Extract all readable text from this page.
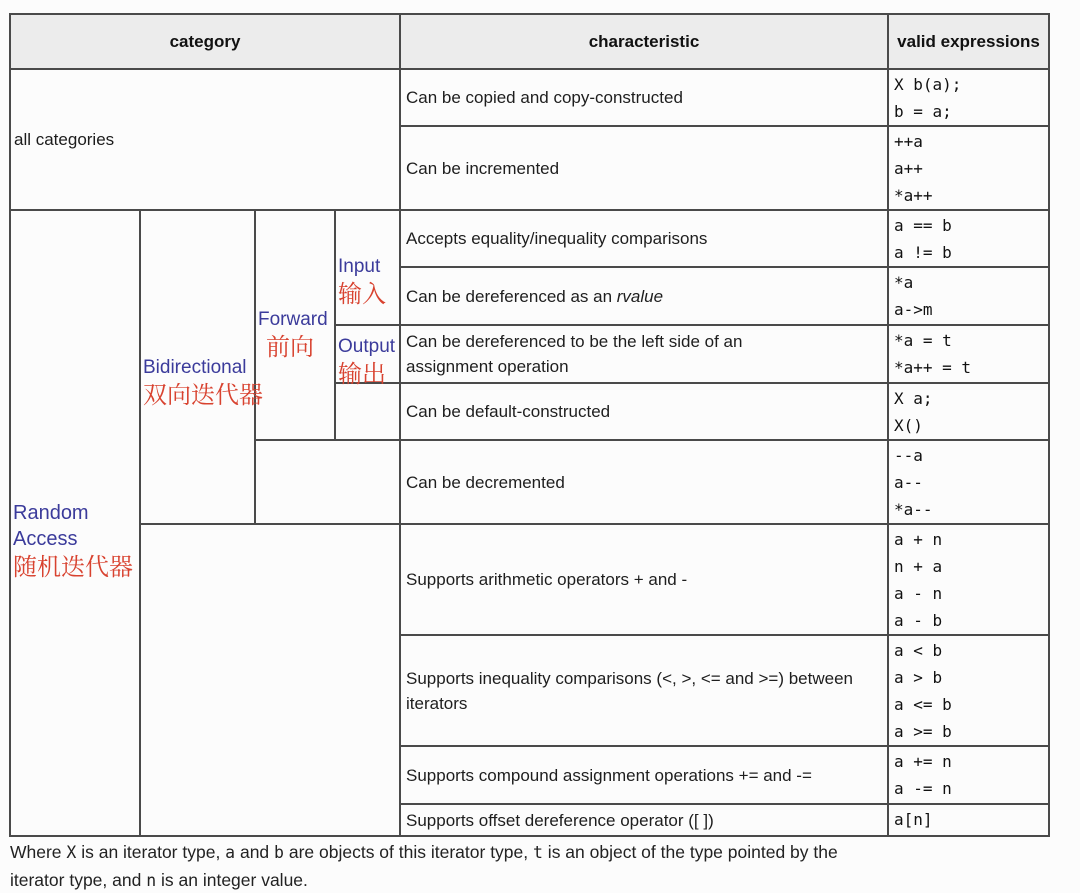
category				characteristic	valid expressions
all categories				Can be copied and copy-constructed	X b(a);
b = a;

				Can be incremented	++a
a++
*a++

Random Access 随机迭代器	Bidirectional 双向迭代器	Forward 前向	Input 输入	Accepts equality/inequality comparisons	a == b
a != b

				Can be dereferenced as an rvalue	*a
a->m

			Output 输出	Can be dereferenced to be the left side of an assignment operation	*a = t
*a++ = t

				Can be default-constructed	X a;
X()

				Can be decremented	--a
a--
*a--

				Supports arithmetic operators + and -	a + n
n + a
a - n
a - b

				Supports inequality comparisons (<, >, <= and >=) between iterators	a < b
a > b
a <= b
a >= b

				Supports compound assignment operations += and -=	a += n
a -= n

				Supports offset dereference operator ([ ])	a[n]
Where X is an iterator type, a and b are objects of this iterator type, t is an object of the type pointed by the
iterator type, and n is an integer value.
